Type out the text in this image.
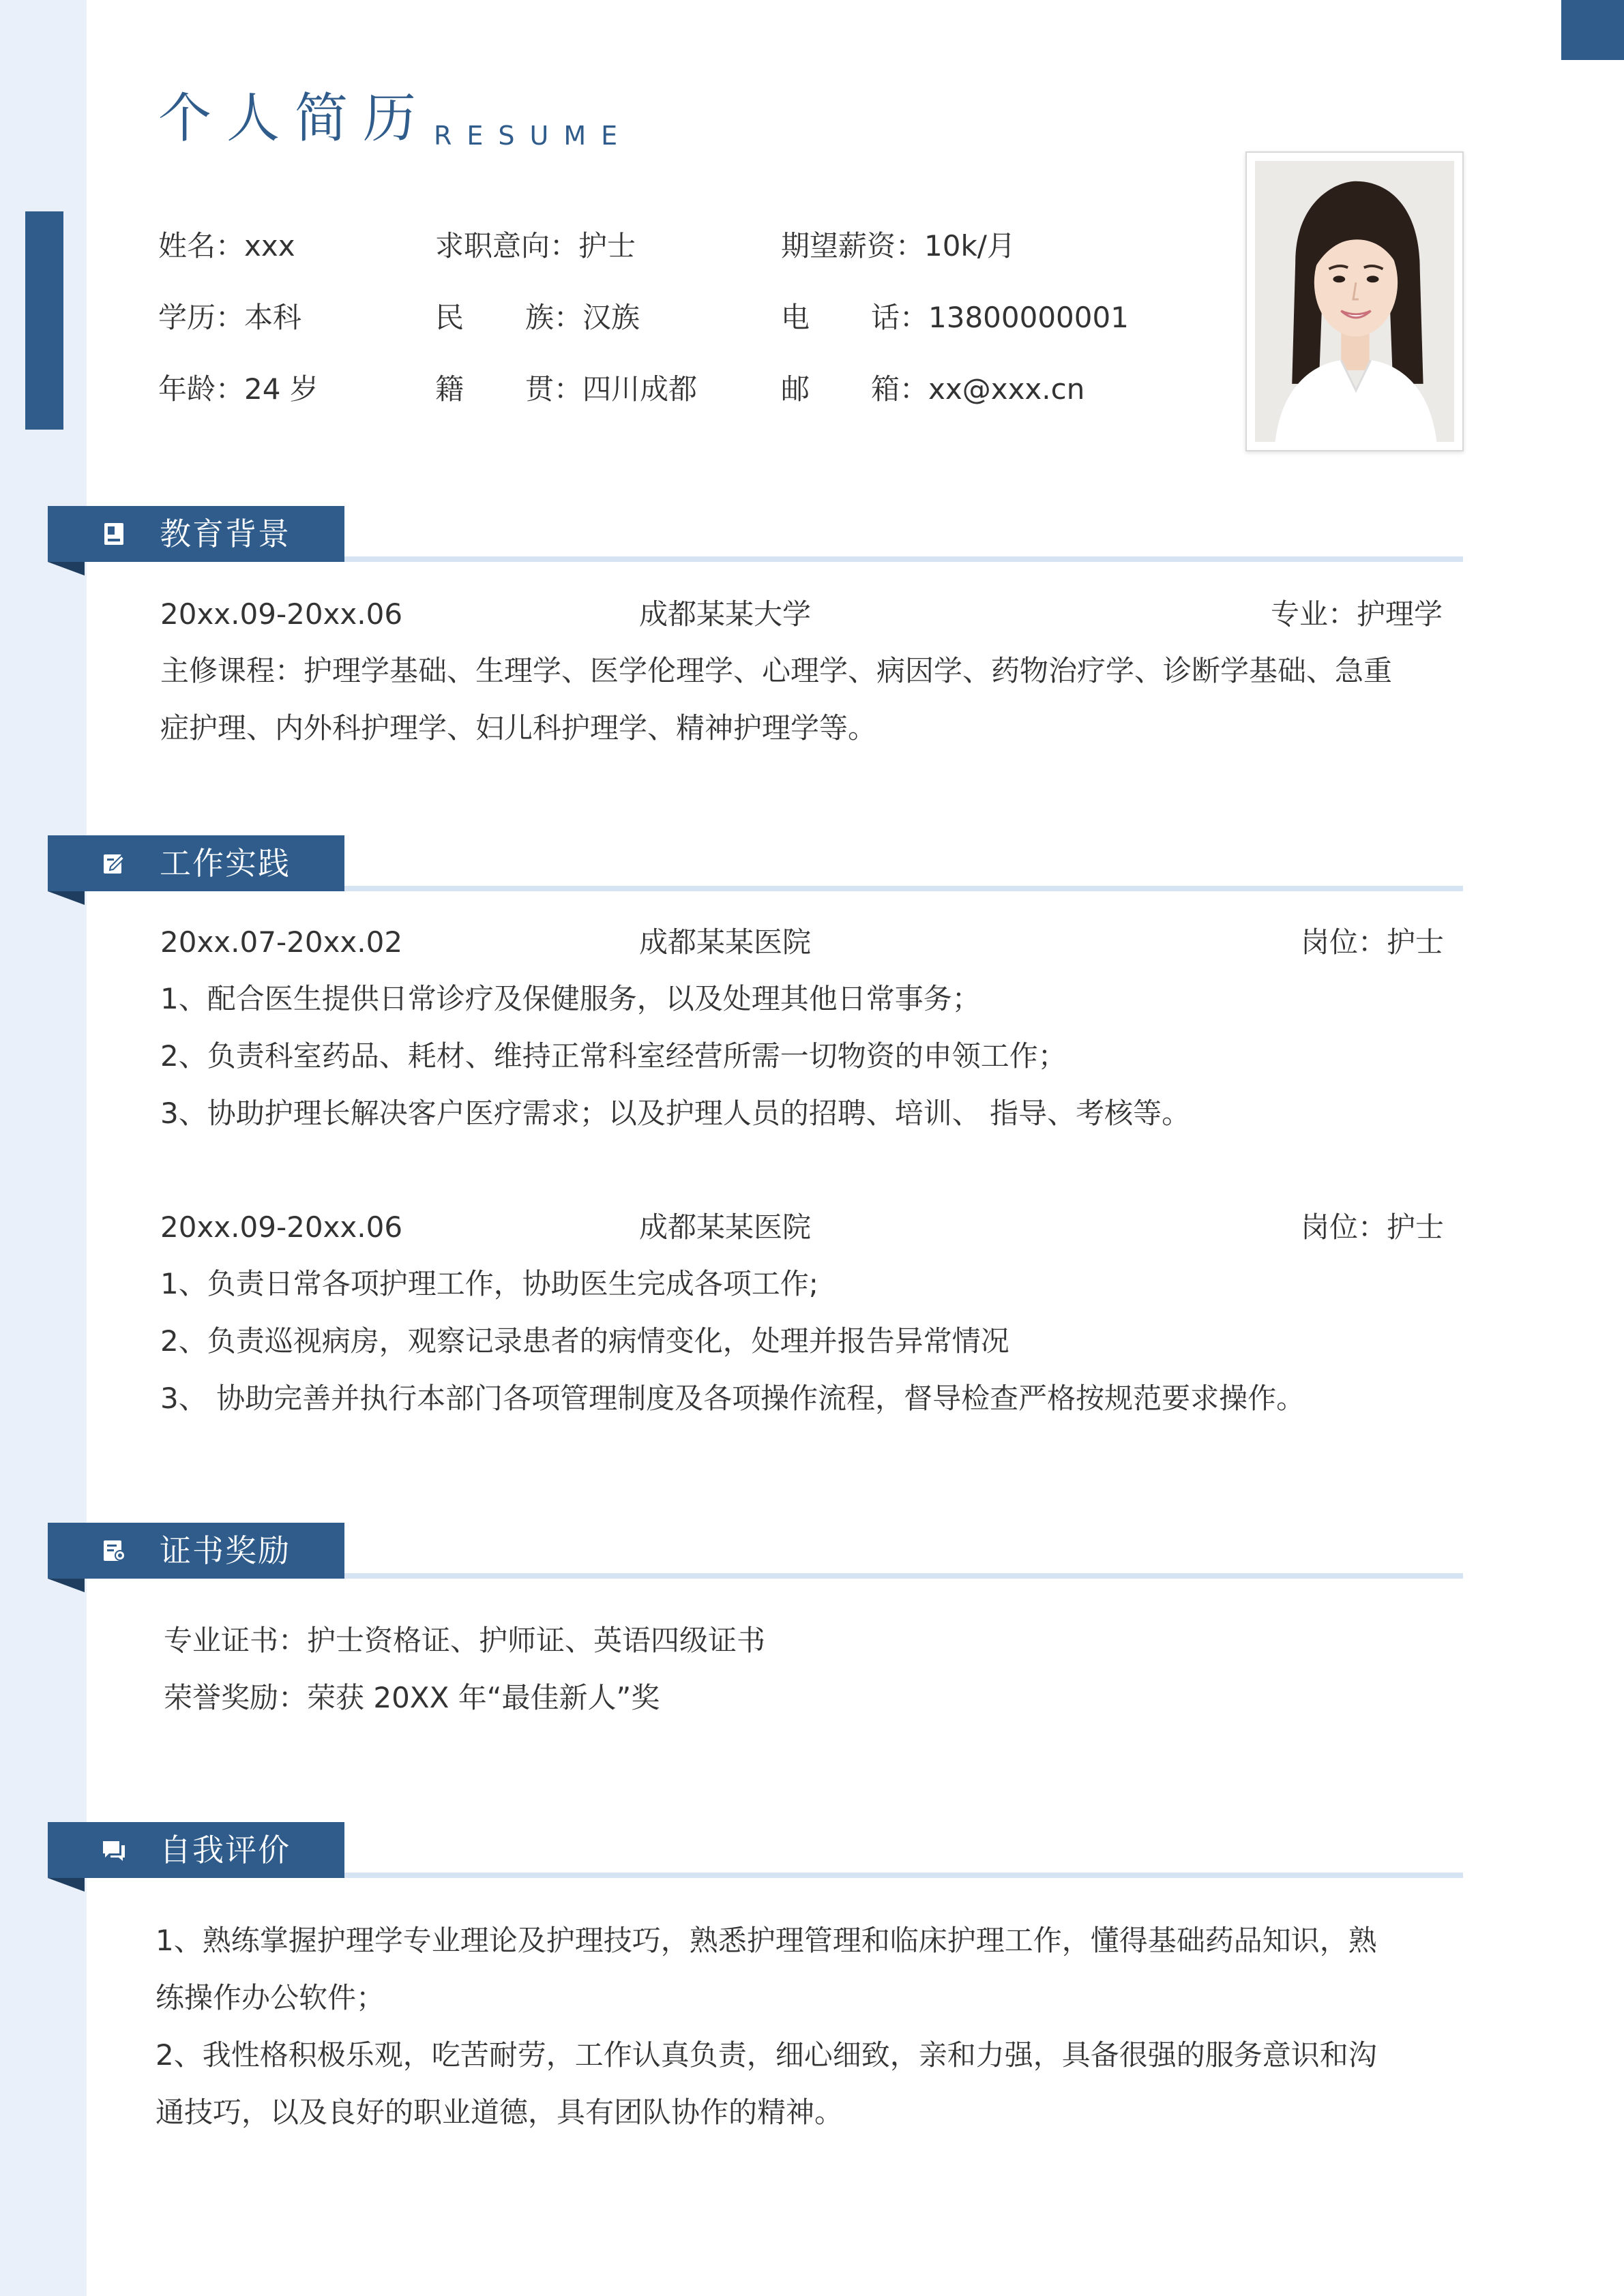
个人简历 RESUME
姓名：xxx	求职意向：护士	期望薪资：10k/月
学历：本科	民 族：汉族	电 话：13800000001
年龄：24 岁	籍 贯：四川成都	邮 箱：xx@xxx.cn
教育背景
20xx.09-20xx.06	成都某某大学	专业：护理学
主修课程：护理学基础、生理学、医学伦理学、心理学、病因学、药物治疗学、诊断学基础、急重
症护理、内外科护理学、妇儿科护理学、精神护理学等。
工作实践
20xx.07-20xx.02	成都某某医院	岗位：护士
1、配合医生提供日常诊疗及保健服务，以及处理其他日常事务；
2、负责科室药品、耗材、维持正常科室经营所需一切物资的申领工作；
3、协助护理长解决客户医疗需求；以及护理人员的招聘、培训、 指导、考核等。
20xx.09-20xx.06	成都某某医院	岗位：护士
1、负责日常各项护理工作，协助医生完成各项工作;
2、负责巡视病房，观察记录患者的病情变化，处理并报告异常情况
3、 协助完善并执行本部门各项管理制度及各项操作流程，督导检查严格按规范要求操作。
证书奖励
专业证书：护士资格证、护师证、英语四级证书
荣誉奖励：荣获 20XX 年“最佳新人”奖
自我评价
1、熟练掌握护理学专业理论及护理技巧，熟悉护理管理和临床护理工作，懂得基础药品知识，熟
练操作办公软件；
2、我性格积极乐观，吃苦耐劳，工作认真负责，细心细致，亲和力强，具备很强的服务意识和沟
通技巧，以及良好的职业道德，具有团队协作的精神。
